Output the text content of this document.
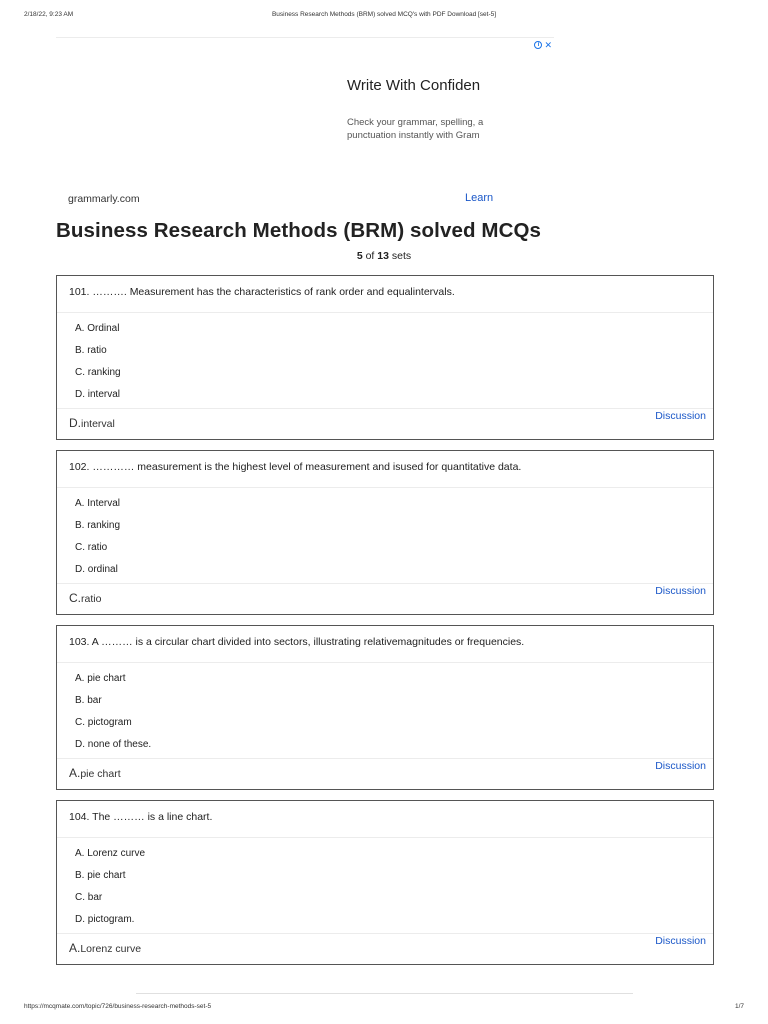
2/18/22, 9:23 AM	Business Research Methods (BRM) solved MCQ's with PDF Download [set-5]
i ✕
Write With Confiden
Check your grammar, spelling, a
punctuation instantly with Gram
grammarly.com	Learn
Business Research Methods (BRM) solved MCQs
5 of 13 sets
101. ………. Measurement has the characteristics of rank order and equalintervals.
A. Ordinal
B. ratio
C. ranking
D. interval
D.interval
Discussion
102. ………… measurement is the highest level of measurement and isused for quantitative data.
A. Interval
B. ranking
C. ratio
D. ordinal
C.ratio
Discussion
103. A ……… is a circular chart divided into sectors, illustrating relativemagnitudes or frequencies.
A. pie chart
B. bar
C. pictogram
D. none of these.
A.pie chart
Discussion
104. The ……… is a line chart.
A. Lorenz curve
B. pie chart
C. bar
D. pictogram.
A.Lorenz curve
Discussion
https://mcqmate.com/topic/726/business-research-methods-set-5	1/7
